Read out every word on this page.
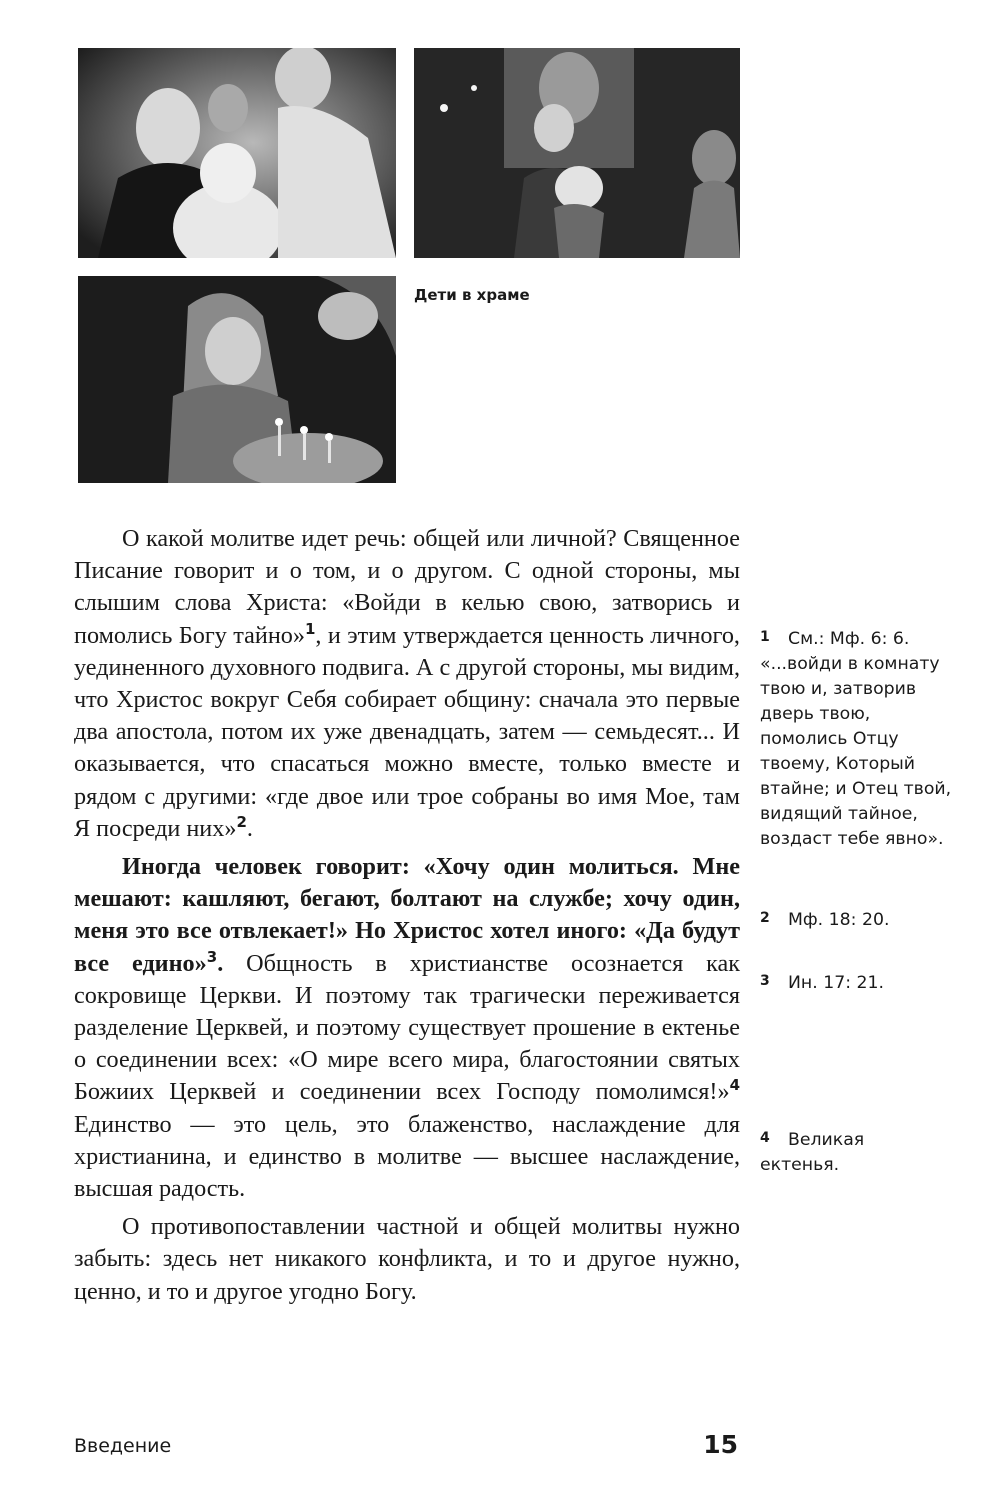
Дети в храме

О какой молитве идет речь: общей или личной? Священное Писание говорит и о том, и о другом. С одной стороны, мы слышим слова Христа: «Войди в келью свою, затворись и помолись Богу тайно»$^1$, и этим утверждается ценность личного, уединенного духовного подвига. А с другой стороны, мы видим, что Христос вокруг Себя собирает общину: сначала это первые два апостола, потом их уже двенадцать, затем — семьдесят... И оказывается, что спасаться можно вместе, только вместе и рядом с другими: «где двое или трое собраны во имя Мое, там Я посреди них»$^2$.

Иногда человек говорит: «Хочу один молиться. Мне мешают: кашляют, бегают, болтают на службе; хочу один, меня это все отвлекает!» Но Христос хотел иного: «Да будут все едино»$^3$. Общность в христианстве осознается как сокровище Церкви. И поэтому так трагически переживается разделение Церквей, и поэтому существует прошение в ектенье о соединении всех: «О мире всего мира, благостоянии святых Божиих Церквей и соединении всех Господу помолимся!»$^4$ Единство — это цель, это блаженство, наслаждение для христианина, и единство в молитве — высшее наслаждение, высшая радость.

О противопоставлении частной и общей молитвы нужно забыть: здесь нет никакого конфликта, и то и другое нужно, ценно, и то и другое угодно Богу.

1	См.: Мф. 6: 6. «...войди в комнату твою и, затворив дверь твою, помолись Отцу твоему, Который втайне; и Отец твой, видящий тайное, воздаст тебе явно».
2	Мф. 18: 20.
3	Ин. 17: 21.
4	Великая ектенья.
Введение	15
